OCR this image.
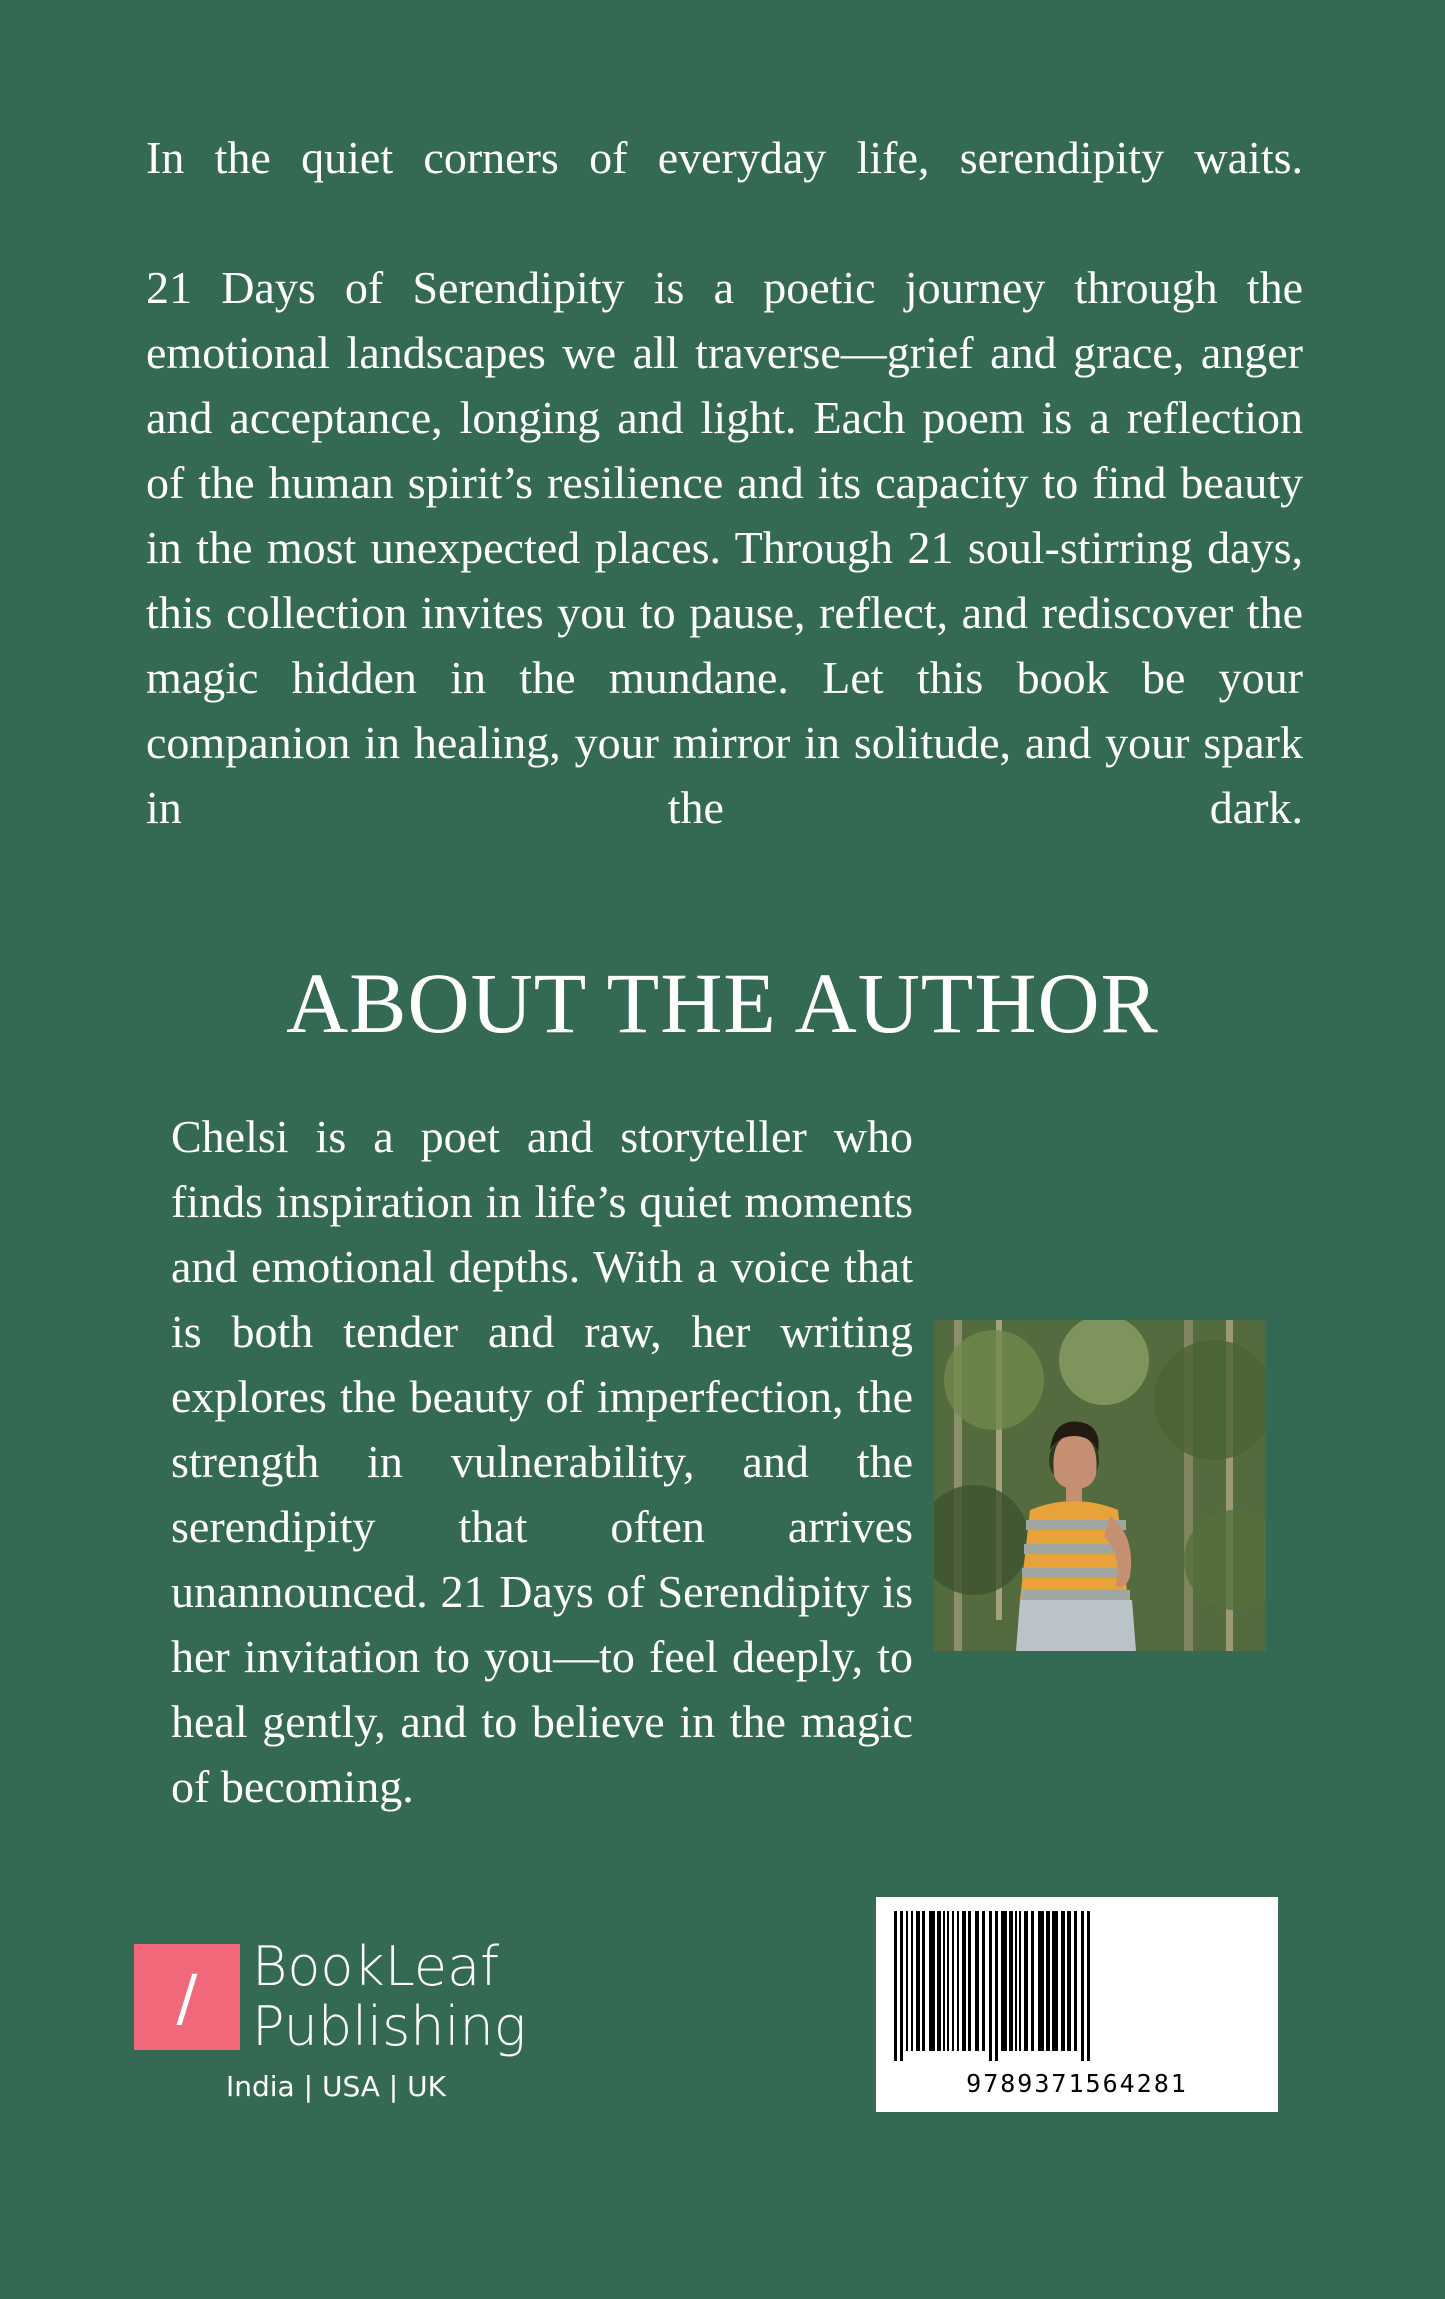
In the quiet corners of everyday life, serendipity waits.

21 Days of Serendipity is a poetic journey through the emotional landscapes we all traverse—grief and grace, anger and acceptance, longing and light. Each poem is a reflection of the human spirit’s resilience and its capacity to find beauty in the most unexpected places. Through 21 soul-stirring days, this collection invites you to pause, reflect, and rediscover the magic hidden in the mundane. Let this book be your companion in healing, your mirror in solitude, and your spark in the dark.

ABOUT THE AUTHOR

Chelsi is a poet and storyteller who finds inspiration in life’s quiet moments and emotional depths. With a voice that is both tender and raw, her writing explores the beauty of imperfection, the strength in vulnerability, and the serendipity that often arrives unannounced. 21 Days of Serendipity is her invitation to you—to feel deeply, to heal gently, and to believe in the magic of becoming.

/	BookLeaf
Publishing
India | USA | UK	9789371564281
